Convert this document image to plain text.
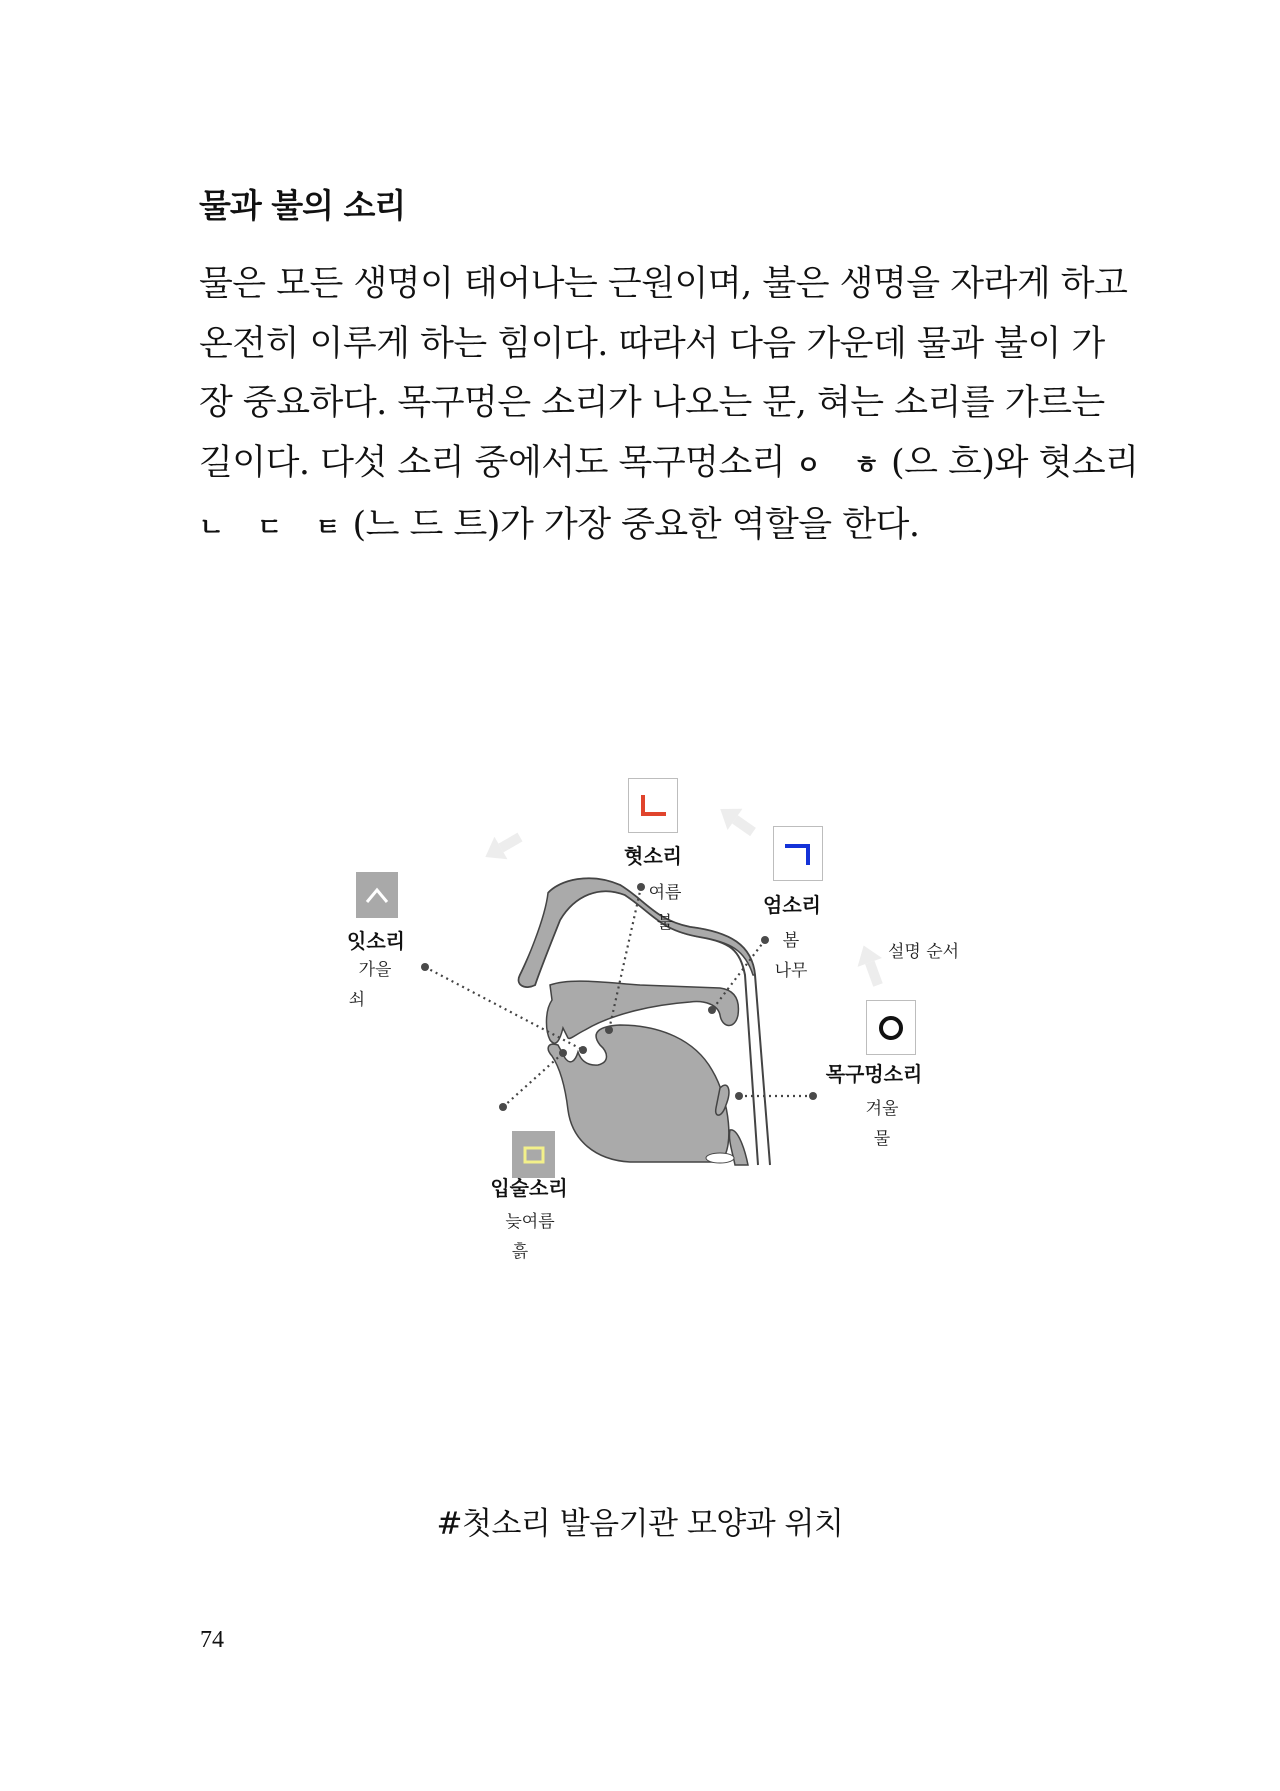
물과 불의 소리

물은 모든 생명이 태어나는 근원이며, 불은 생명을 자라게 하고
온전히 이루게 하는 힘이다. 따라서 다음 가운데 물과 불이 가
장 중요하다. 목구멍은 소리가 나오는 문, 혀는 소리를 가르는
길이다. 다섯 소리 중에서도 목구멍소리 ㅇ ㅎ(으 흐)와 혓소리
ㄴ ㄷ ㅌ(느 드 트)가 가장 중요한 역할을 한다.

혓소리
여름
불
엄소리
봄
나무
잇소리
가을
쇠
목구멍소리
겨울
물
입술소리
늦여름
흙
설명 순서
#첫소리 발음기관 모양과 위치
74
